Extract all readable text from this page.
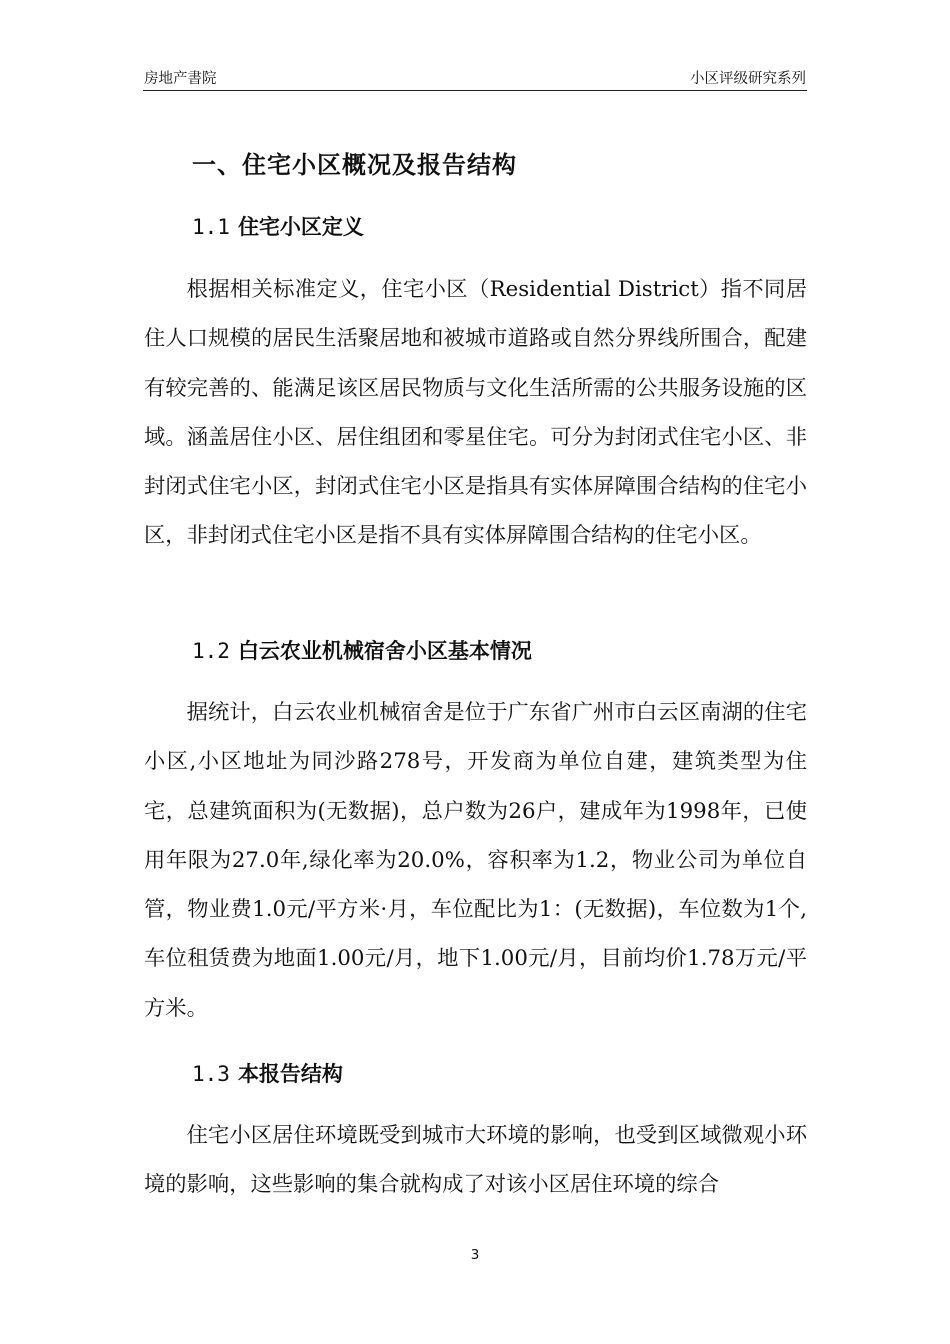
房地产書院	小区评级研究系列
一、住宅小区概况及报告结构
1.1 住宅小区定义
根据相关标准定义，住宅小区（Residential District）指不同居住人口规模的居民生活聚居地和被城市道路或自然分界线所围合，配建有较完善的、能满足该区居民物质与文化生活所需的公共服务设施的区域。涵盖居住小区、居住组团和零星住宅。可分为封闭式住宅小区、非封闭式住宅小区，封闭式住宅小区是指具有实体屏障围合结构的住宅小区，非封闭式住宅小区是指不具有实体屏障围合结构的住宅小区。
1.2 白云农业机械宿舍小区基本情况
据统计，白云农业机械宿舍是位于广东省广州市白云区南湖的住宅小区,小区地址为同沙路278号，开发商为单位自建，建筑类型为住宅，总建筑面积为(无数据)，总户数为26户，建成年为1998年，已使用年限为27.0年,绿化率为20.0%，容积率为1.2，物业公司为单位自管，物业费1.0元/平方米·月，车位配比为1：(无数据)，车位数为1个,车位租赁费为地面1.00元/月，地下1.00元/月，目前均价1.78万元/平方米。
1.3 本报告结构
住宅小区居住环境既受到城市大环境的影响，也受到区域微观小环境的影响，这些影响的集合就构成了对该小区居住环境的综合
3
